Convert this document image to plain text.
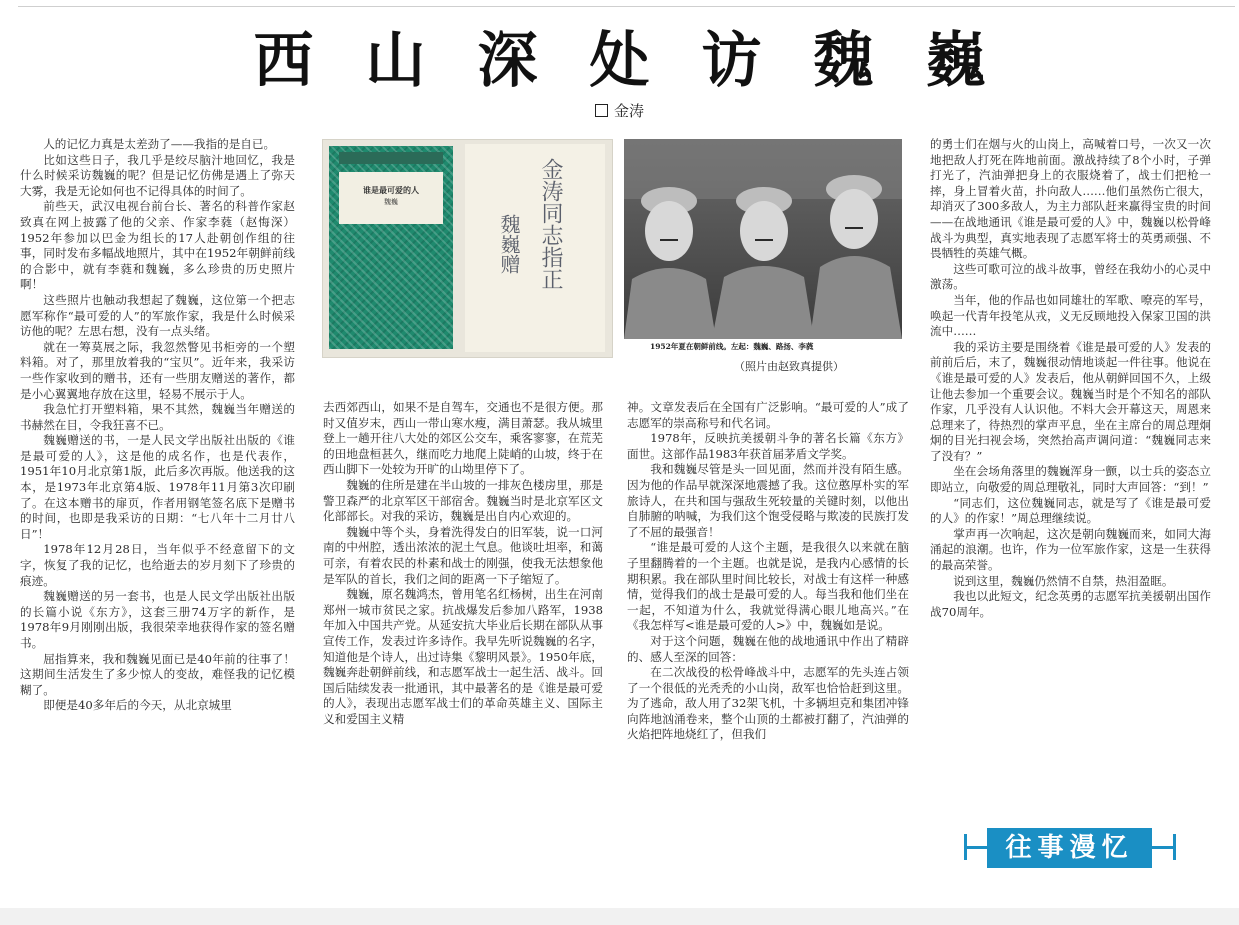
西山深处访魏巍
金涛

人的记忆力真是太差劲了——我指的是自已。

比如这些日子，我几乎是绞尽脑汁地回忆，我是什么时候采访魏巍的呢？但是记忆仿佛是遇上了弥天大雾，我是无论如何也不记得具体的时间了。

前些天，武汉电视台前台长、著名的科普作家赵致真在网上披露了他的父亲、作家李蕤（赵悔深）1952年参加以巴金为组长的17人赴朝创作组的往事，同时发布多幅战地照片，其中在1952年朝鲜前线的合影中，就有李蕤和魏巍，多么珍贵的历史照片啊！

这些照片也触动我想起了魏巍，这位第一个把志愿军称作“最可爱的人”的军旅作家，我是什么时候采访他的呢？左思右想，没有一点头绪。

就在一筹莫展之际，我忽然瞥见书柜旁的一个塑料箱。对了，那里放着我的“宝贝”。近年来，我采访一些作家收到的赠书，还有一些朋友赠送的著作，都是小心翼翼地存放在这里，轻易不展示于人。

我急忙打开塑料箱，果不其然，魏巍当年赠送的书赫然在目，令我狂喜不已。

魏巍赠送的书，一是人民文学出版社出版的《谁是最可爱的人》，这是他的成名作，也是代表作，1951年10月北京第1版，此后多次再版。他送我的这本，是1973年北京第4版、1978年11月第3次印刷了。在这本赠书的扉页，作者用钢笔签名底下是赠书的时间，也即是我采访的日期：“七八年十二月廿八日”！

1978年12月28日，当年似乎不经意留下的文字，恢复了我的记忆，也给逝去的岁月刻下了珍贵的痕迹。

魏巍赠送的另一套书，也是人民文学出版社出版的长篇小说《东方》，这套三册74万字的新作，是1978年9月刚刚出版，我很荣幸地获得作家的签名赠书。

屈指算来，我和魏巍见面已是40年前的往事了！这期间生活发生了多少惊人的变故，难怪我的记忆模糊了。

即便是40多年后的今天，从北京城里

谁是最可爱的人
魏巍	金涛同志指正
魏巍赠
1952年夏在朝鲜前线。左起：魏巍、路扬、李蕤
（照片由赵致真提供）

去西郊西山，如果不是自驾车，交通也不是很方便。那时又值岁末，西山一带山寒水瘦，满目萧瑟。我从城里登上一趟开往八大处的郊区公交车，乘客寥寥，在荒芜的田地盘桓甚久，继而吃力地爬上陡峭的山坡，终于在西山脚下一处较为开旷的山坳里停下了。

魏巍的住所是建在半山坡的一排灰色楼房里，那是警卫森严的北京军区干部宿舍。魏巍当时是北京军区文化部部长。对我的采访，魏巍是出自内心欢迎的。

魏巍中等个头，身着洗得发白的旧军装，说一口河南的中州腔，透出浓浓的泥土气息。他谈吐坦率，和蔼可亲，有着农民的朴素和战士的刚强，使我无法想象他是军队的首长，我们之间的距离一下子缩短了。

魏巍，原名魏鸿杰，曾用笔名红杨树，出生在河南郑州一城市贫民之家。抗战爆发后参加八路军，1938年加入中国共产党。从延安抗大毕业后长期在部队从事宣传工作，发表过许多诗作。我早先听说魏巍的名字，知道他是个诗人，出过诗集《黎明风景》。1950年底，魏巍奔赴朝鲜前线，和志愿军战士一起生活、战斗。回国后陆续发表一批通讯，其中最著名的是《谁是最可爱的人》，表现出志愿军战士们的革命英雄主义、国际主义和爱国主义精

神。文章发表后在全国有广泛影响。“最可爱的人”成了志愿军的崇高称号和代名词。

1978年，反映抗美援朝斗争的著名长篇《东方》面世。这部作品1983年获首届茅盾文学奖。

我和魏巍尽管是头一回见面，然而并没有陌生感。因为他的作品早就深深地震撼了我。这位憨厚朴实的军旅诗人，在共和国与强敌生死较量的关键时刻，以他出自肺腑的呐喊，为我们这个饱受侵略与欺凌的民族打发了不屈的最强音！

“谁是最可爱的人这个主题，是我很久以来就在脑子里翻腾着的一个主题。也就是说，是我内心感情的长期积累。我在部队里时间比较长，对战士有这样一种感情，觉得我们的战士是最可爱的人。每当我和他们坐在一起，不知道为什么，我就觉得满心眼儿地高兴。”在《我怎样写<谁是最可爱的人>》中，魏巍如是说。

对于这个问题，魏巍在他的战地通讯中作出了精辟的、感人至深的回答：

在二次战役的松骨峰战斗中，志愿军的先头连占领了一个很低的光秃秃的小山岗，敌军也恰恰赶到这里。为了逃命，敌人用了32架飞机，十多辆坦克和集团冲锋向阵地汹涌卷来，整个山顶的土都被打翻了，汽油弹的火焰把阵地烧红了，但我们

的勇士们在烟与火的山岗上，高喊着口号，一次又一次地把敌人打死在阵地前面。激战持续了8个小时，子弹打光了，汽油弹把身上的衣服烧着了，战士们把枪一摔，身上冒着火苗，扑向敌人……他们虽然伤亡很大，却消灭了300多敌人，为主力部队赶来赢得宝贵的时间——在战地通讯《谁是最可爱的人》中，魏巍以松骨峰战斗为典型，真实地表现了志愿军将士的英勇顽强、不畏牺牲的英雄气概。

这些可歌可泣的战斗故事，曾经在我幼小的心灵中激荡。

当年，他的作品也如同雄壮的军歌、嘹亮的军号，唤起一代青年投笔从戎，义无反顾地投入保家卫国的洪流中……

我的采访主要是围绕着《谁是最可爱的人》发表的前前后后，末了，魏巍很动情地谈起一件往事。他说在《谁是最可爱的人》发表后，他从朝鲜回国不久，上级让他去参加一个重要会议。魏巍当时是个不知名的部队作家，几乎没有人认识他。不料大会开幕这天，周恩来总理来了，待热烈的掌声平息，坐在主席台的周总理炯炯的目光扫视会场，突然抬高声调问道：“魏巍同志来了没有？”

坐在会场角落里的魏巍浑身一颤，以士兵的姿态立即站立，向敬爱的周总理敬礼，同时大声回答：“到！”

“同志们，这位魏巍同志，就是写了《谁是最可爱的人》的作家！”周总理继续说。

掌声再一次响起，这次是朝向魏巍而来，如同大海涌起的浪潮。也许，作为一位军旅作家，这是一生获得的最高荣誉。

说到这里，魏巍仍然情不自禁，热泪盈眶。

我也以此短文，纪念英勇的志愿军抗美援朝出国作战70周年。

往事漫忆
